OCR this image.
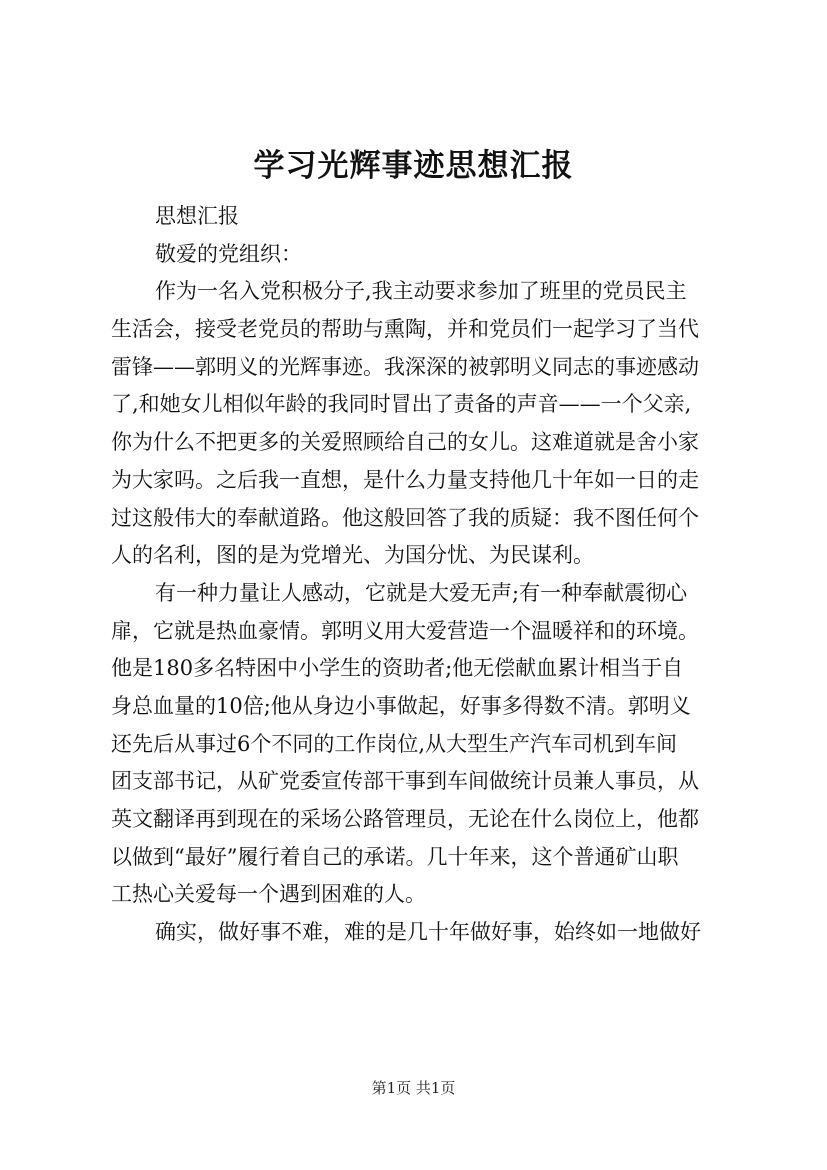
学习光辉事迹思想汇报
思想汇报
敬爱的党组织：
作为一名入党积极分子,我主动要求参加了班里的党员民主
生活会，接受老党员的帮助与熏陶，并和党员们一起学习了当代
雷锋——郭明义的光辉事迹。我深深的被郭明义同志的事迹感动
了,和她女儿相似年龄的我同时冒出了责备的声音——一个父亲,
你为什么不把更多的关爱照顾给自己的女儿。这难道就是舍小家
为大家吗。之后我一直想，是什么力量支持他几十年如一日的走
过这般伟大的奉献道路。他这般回答了我的质疑：我不图任何个
人的名利，图的是为党增光、为国分忧、为民谋利。
有一种力量让人感动，它就是大爱无声;有一种奉献震彻心
扉，它就是热血豪情。郭明义用大爱营造一个温暖祥和的环境。
他是180多名特困中小学生的资助者;他无偿献血累计相当于自
身总血量的10倍;他从身边小事做起，好事多得数不清。郭明义
还先后从事过6个不同的工作岗位,从大型生产汽车司机到车间
团支部书记，从矿党委宣传部干事到车间做统计员兼人事员，从
英文翻译再到现在的采场公路管理员，无论在什么岗位上，他都
以做到“最好”履行着自己的承诺。几十年来，这个普通矿山职
工热心关爱每一个遇到困难的人。
确实，做好事不难，难的是几十年做好事，始终如一地做好
第1页 共1页
